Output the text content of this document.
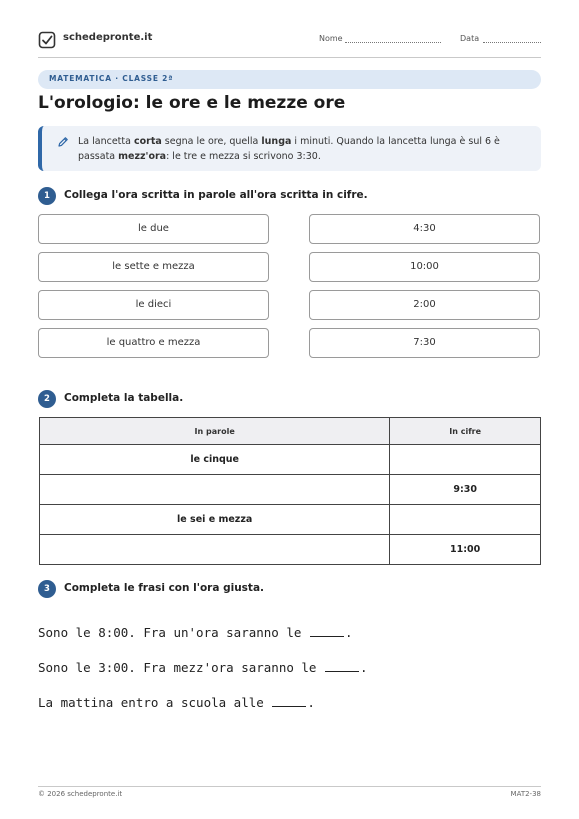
schedepronte.it	Nome	Data
MATEMATICA · CLASSE 2ª
L'orologio: le ore e le mezze ore
La lancetta corta segna le ore, quella lunga i minuti. Quando la lancetta lunga è sul 6 è passata mezz'ora: le tre e mezza si scrivono 3:30.
1	Collega l'ora scritta in parole all'ora scritta in cifre.
le due
le sette e mezza
le dieci
le quattro e mezza
4:30
10:00
2:00
7:30
2	Completa la tabella.
In parole	In cifre
le cinque	
	9:30
le sei e mezza	
	11:00
3	Completa le frasi con l'ora giusta.
Sono le 8:00. Fra un'ora saranno le	.
Sono le 3:00. Fra mezz'ora saranno le	.
La mattina entro a scuola alle	.
© 2026 schedepronte.it	MAT2-38
